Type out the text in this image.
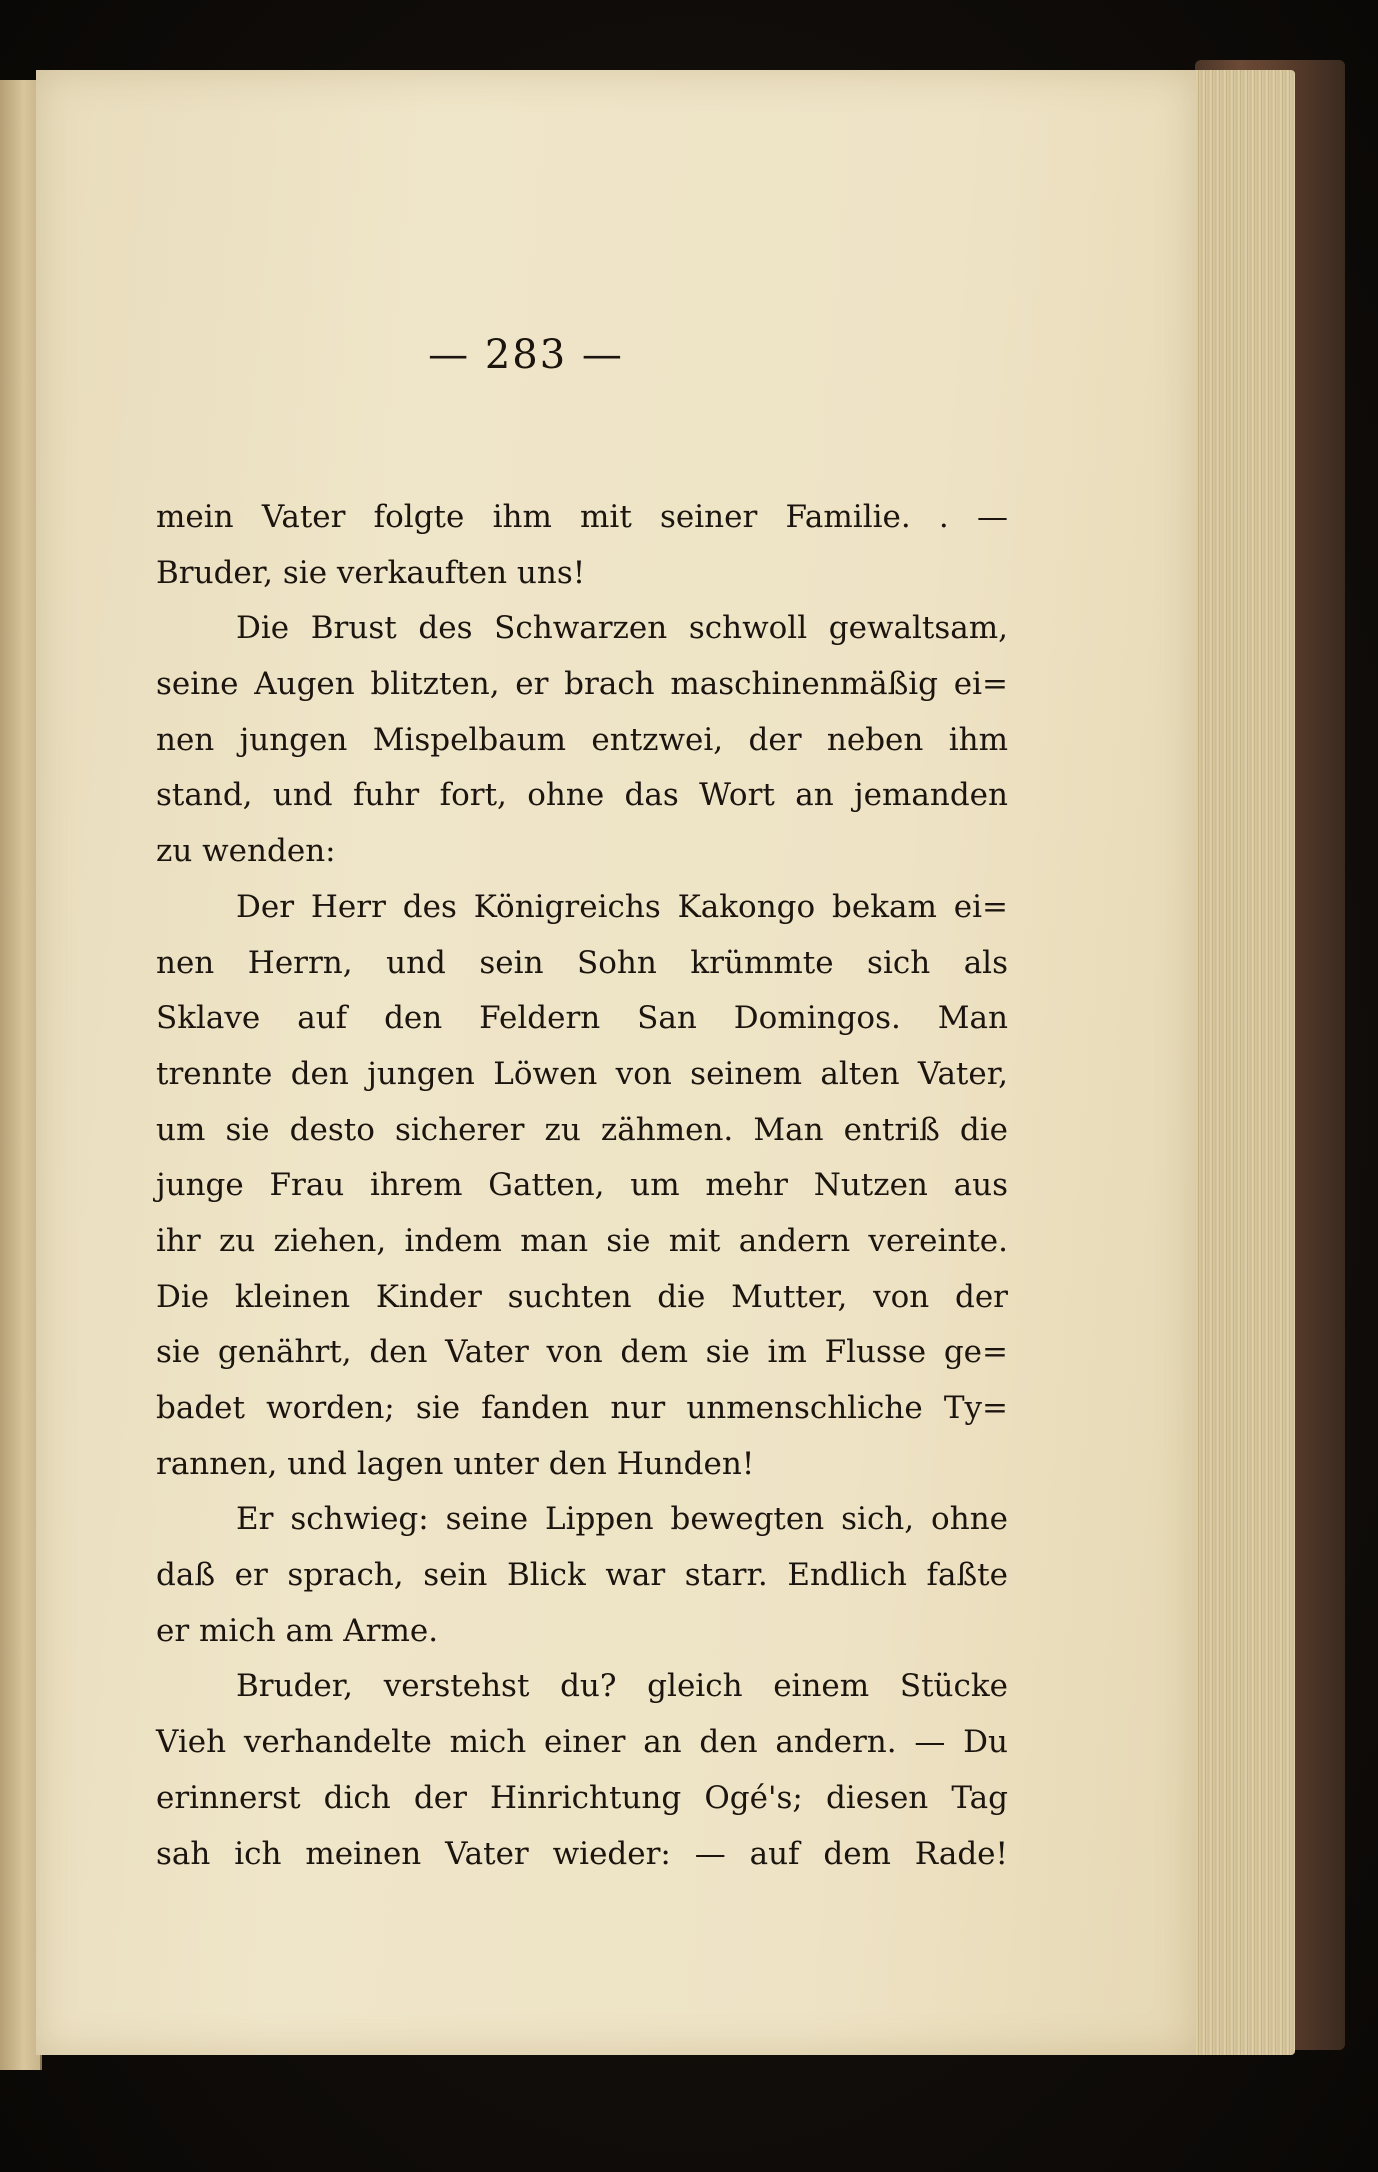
— 283 —
mein Vater folgte ihm mit seiner Familie. . —
Bruder, sie verkauften uns!
Die Brust des Schwarzen schwoll gewaltsam,
seine Augen blitzten, er brach maschinenmäßig ei=
nen jungen Mispelbaum entzwei, der neben ihm
stand, und fuhr fort, ohne das Wort an jemanden
zu wenden:
Der Herr des Königreichs Kakongo bekam ei=
nen Herrn, und sein Sohn krümmte sich als
Sklave auf den Feldern San Domingos. Man
trennte den jungen Löwen von seinem alten Vater,
um sie desto sicherer zu zähmen. Man entriß die
junge Frau ihrem Gatten, um mehr Nutzen aus
ihr zu ziehen, indem man sie mit andern vereinte.
Die kleinen Kinder suchten die Mutter, von der
sie genährt, den Vater von dem sie im Flusse ge=
badet worden; sie fanden nur unmenschliche Ty=
rannen, und lagen unter den Hunden!
Er schwieg: seine Lippen bewegten sich, ohne
daß er sprach, sein Blick war starr. Endlich faßte
er mich am Arme.
Bruder, verstehst du? gleich einem Stücke
Vieh verhandelte mich einer an den andern. — Du
erinnerst dich der Hinrichtung Ogé's; diesen Tag
sah ich meinen Vater wieder: — auf dem Rade!
